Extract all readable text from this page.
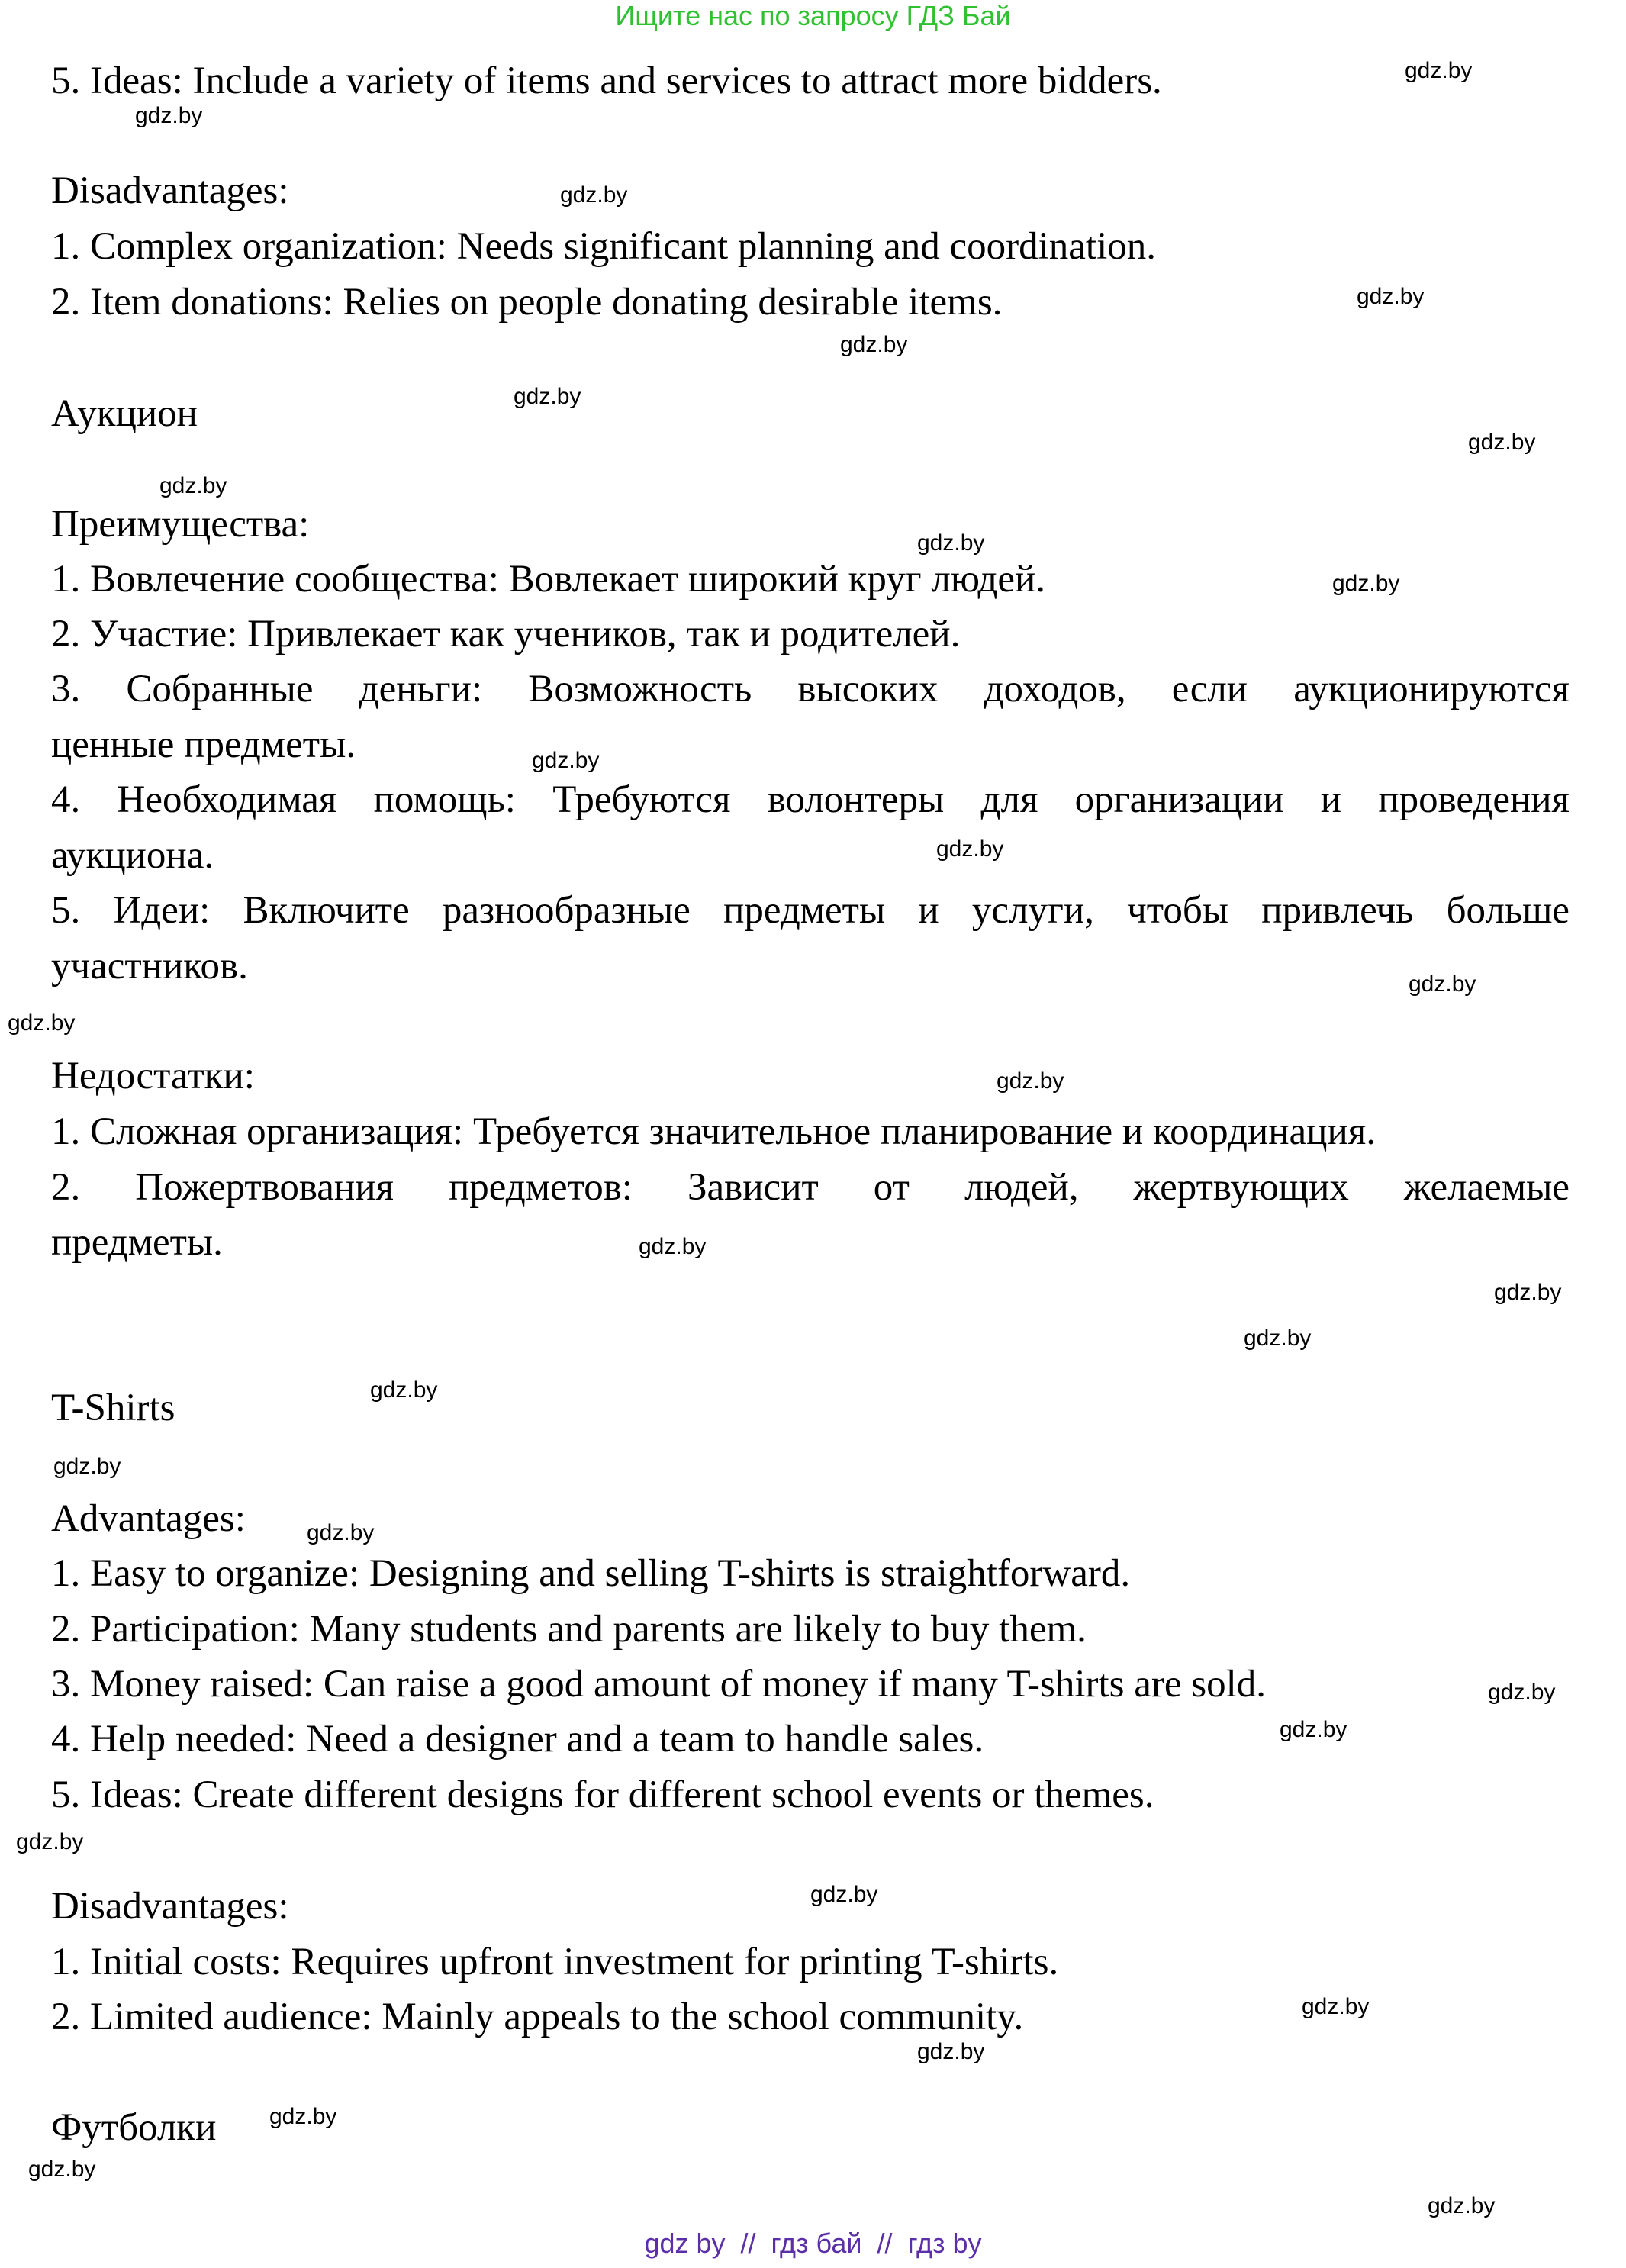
Ищите нас по запросу ГДЗ Бай
5. Ideas: Include a variety of items and services to attract more bidders.
Disadvantages:
1. Complex organization: Needs significant planning and coordination.
2. Item donations: Relies on people donating desirable items.
Аукцион
Преимущества:
1. Вовлечение сообщества: Вовлекает широкий круг людей.
2. Участие: Привлекает как учеников, так и родителей.
3. Собранные деньги: Возможность высоких доходов, если аукционируются
ценные предметы.
4. Необходимая помощь: Требуются волонтеры для организации и проведения
аукциона.
5. Идеи: Включите разнообразные предметы и услуги, чтобы привлечь больше
участников.
Недостатки:
1. Сложная организация: Требуется значительное планирование и координация.
2. Пожертвования предметов: Зависит от людей, жертвующих желаемые
предметы.
T-Shirts
Advantages:
1. Easy to organize: Designing and selling T-shirts is straightforward.
2. Participation: Many students and parents are likely to buy them.
3. Money raised: Can raise a good amount of money if many T-shirts are sold.
4. Help needed: Need a designer and a team to handle sales.
5. Ideas: Create different designs for different school events or themes.
Disadvantages:
1. Initial costs: Requires upfront investment for printing T-shirts.
2. Limited audience: Mainly appeals to the school community.
Футболки
gdz.by
gdz.by
gdz.by
gdz.by
gdz.by
gdz.by
gdz.by
gdz.by
gdz.by
gdz.by
gdz.by
gdz.by
gdz.by
gdz.by
gdz.by
gdz.by
gdz.by
gdz.by
gdz.by
gdz.by
gdz.by
gdz.by
gdz.by
gdz.by
gdz.by
gdz.by
gdz.by
gdz.by
gdz.by
gdz.by
gdz by  //  гдз бай  //  гдз by
